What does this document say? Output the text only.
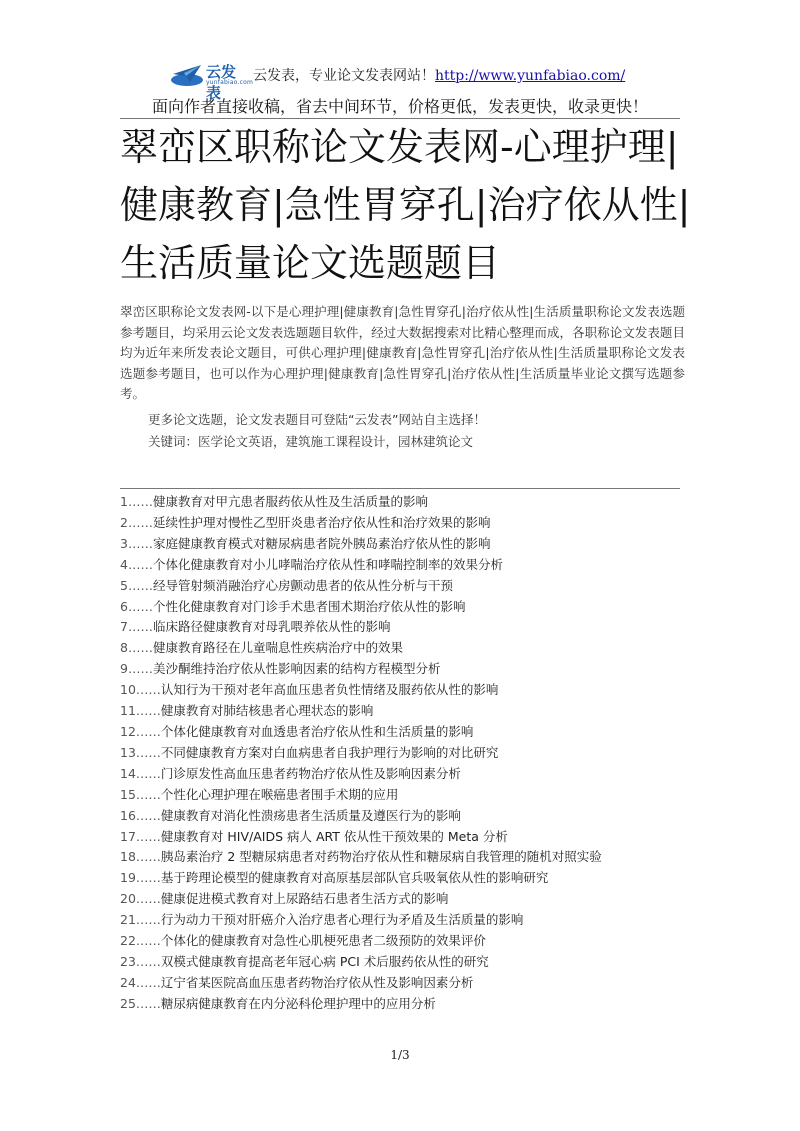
云发表
yunfabiao.com 云发表，专业论文发表网站！http://www.yunfabiao.com/
面向作者直接收稿，省去中间环节，价格更低，发表更快，收录更快！
翠峦区职称论文发表网-心理护理|
健康教育|急性胃穿孔|治疗依从性|
生活质量论文选题题目

翠峦区职称论文发表网-以下是心理护理|健康教育|急性胃穿孔|治疗依从性|生活质量职称论文发表选题参考题目，均采用云论文发表选题题目软件，经过大数据搜索对比精心整理而成，各职称论文发表题目均为近年来所发表论文题目，可供心理护理|健康教育|急性胃穿孔|治疗依从性|生活质量职称论文发表选题参考题目，也可以作为心理护理|健康教育|急性胃穿孔|治疗依从性|生活质量毕业论文撰写选题参考。

更多论文选题，论文发表题目可登陆“云发表”网站自主选择！
关键词：医学论文英语，建筑施工课程设计，园林建筑论文
1……健康教育对甲亢患者服药依从性及生活质量的影响
2……延续性护理对慢性乙型肝炎患者治疗依从性和治疗效果的影响
3……家庭健康教育模式对糖尿病患者院外胰岛素治疗依从性的影响
4……个体化健康教育对小儿哮喘治疗依从性和哮喘控制率的效果分析
5……经导管射频消融治疗心房颤动患者的依从性分析与干预
6……个性化健康教育对门诊手术患者围术期治疗依从性的影响
7……临床路径健康教育对母乳喂养依从性的影响
8……健康教育路径在儿童喘息性疾病治疗中的效果
9……美沙酮维持治疗依从性影响因素的结构方程模型分析
10……认知行为干预对老年高血压患者负性情绪及服药依从性的影响
11……健康教育对肺结核患者心理状态的影响
12……个体化健康教育对血透患者治疗依从性和生活质量的影响
13……不同健康教育方案对白血病患者自我护理行为影响的对比研究
14……门诊原发性高血压患者药物治疗依从性及影响因素分析
15……个性化心理护理在喉癌患者围手术期的应用
16……健康教育对消化性溃疡患者生活质量及遵医行为的影响
17……健康教育对 HIV/AIDS 病人 ART 依从性干预效果的 Meta 分析
18……胰岛素治疗 2 型糖尿病患者对药物治疗依从性和糖尿病自我管理的随机对照实验
19……基于跨理论模型的健康教育对高原基层部队官兵吸氧依从性的影响研究
20……健康促进模式教育对上尿路结石患者生活方式的影响
21……行为动力干预对肝癌介入治疗患者心理行为矛盾及生活质量的影响
22……个体化的健康教育对急性心肌梗死患者二级预防的效果评价
23……双模式健康教育提高老年冠心病 PCI 术后服药依从性的研究
24……辽宁省某医院高血压患者药物治疗依从性及影响因素分析
25……糖尿病健康教育在内分泌科伦理护理中的应用分析
1/3
